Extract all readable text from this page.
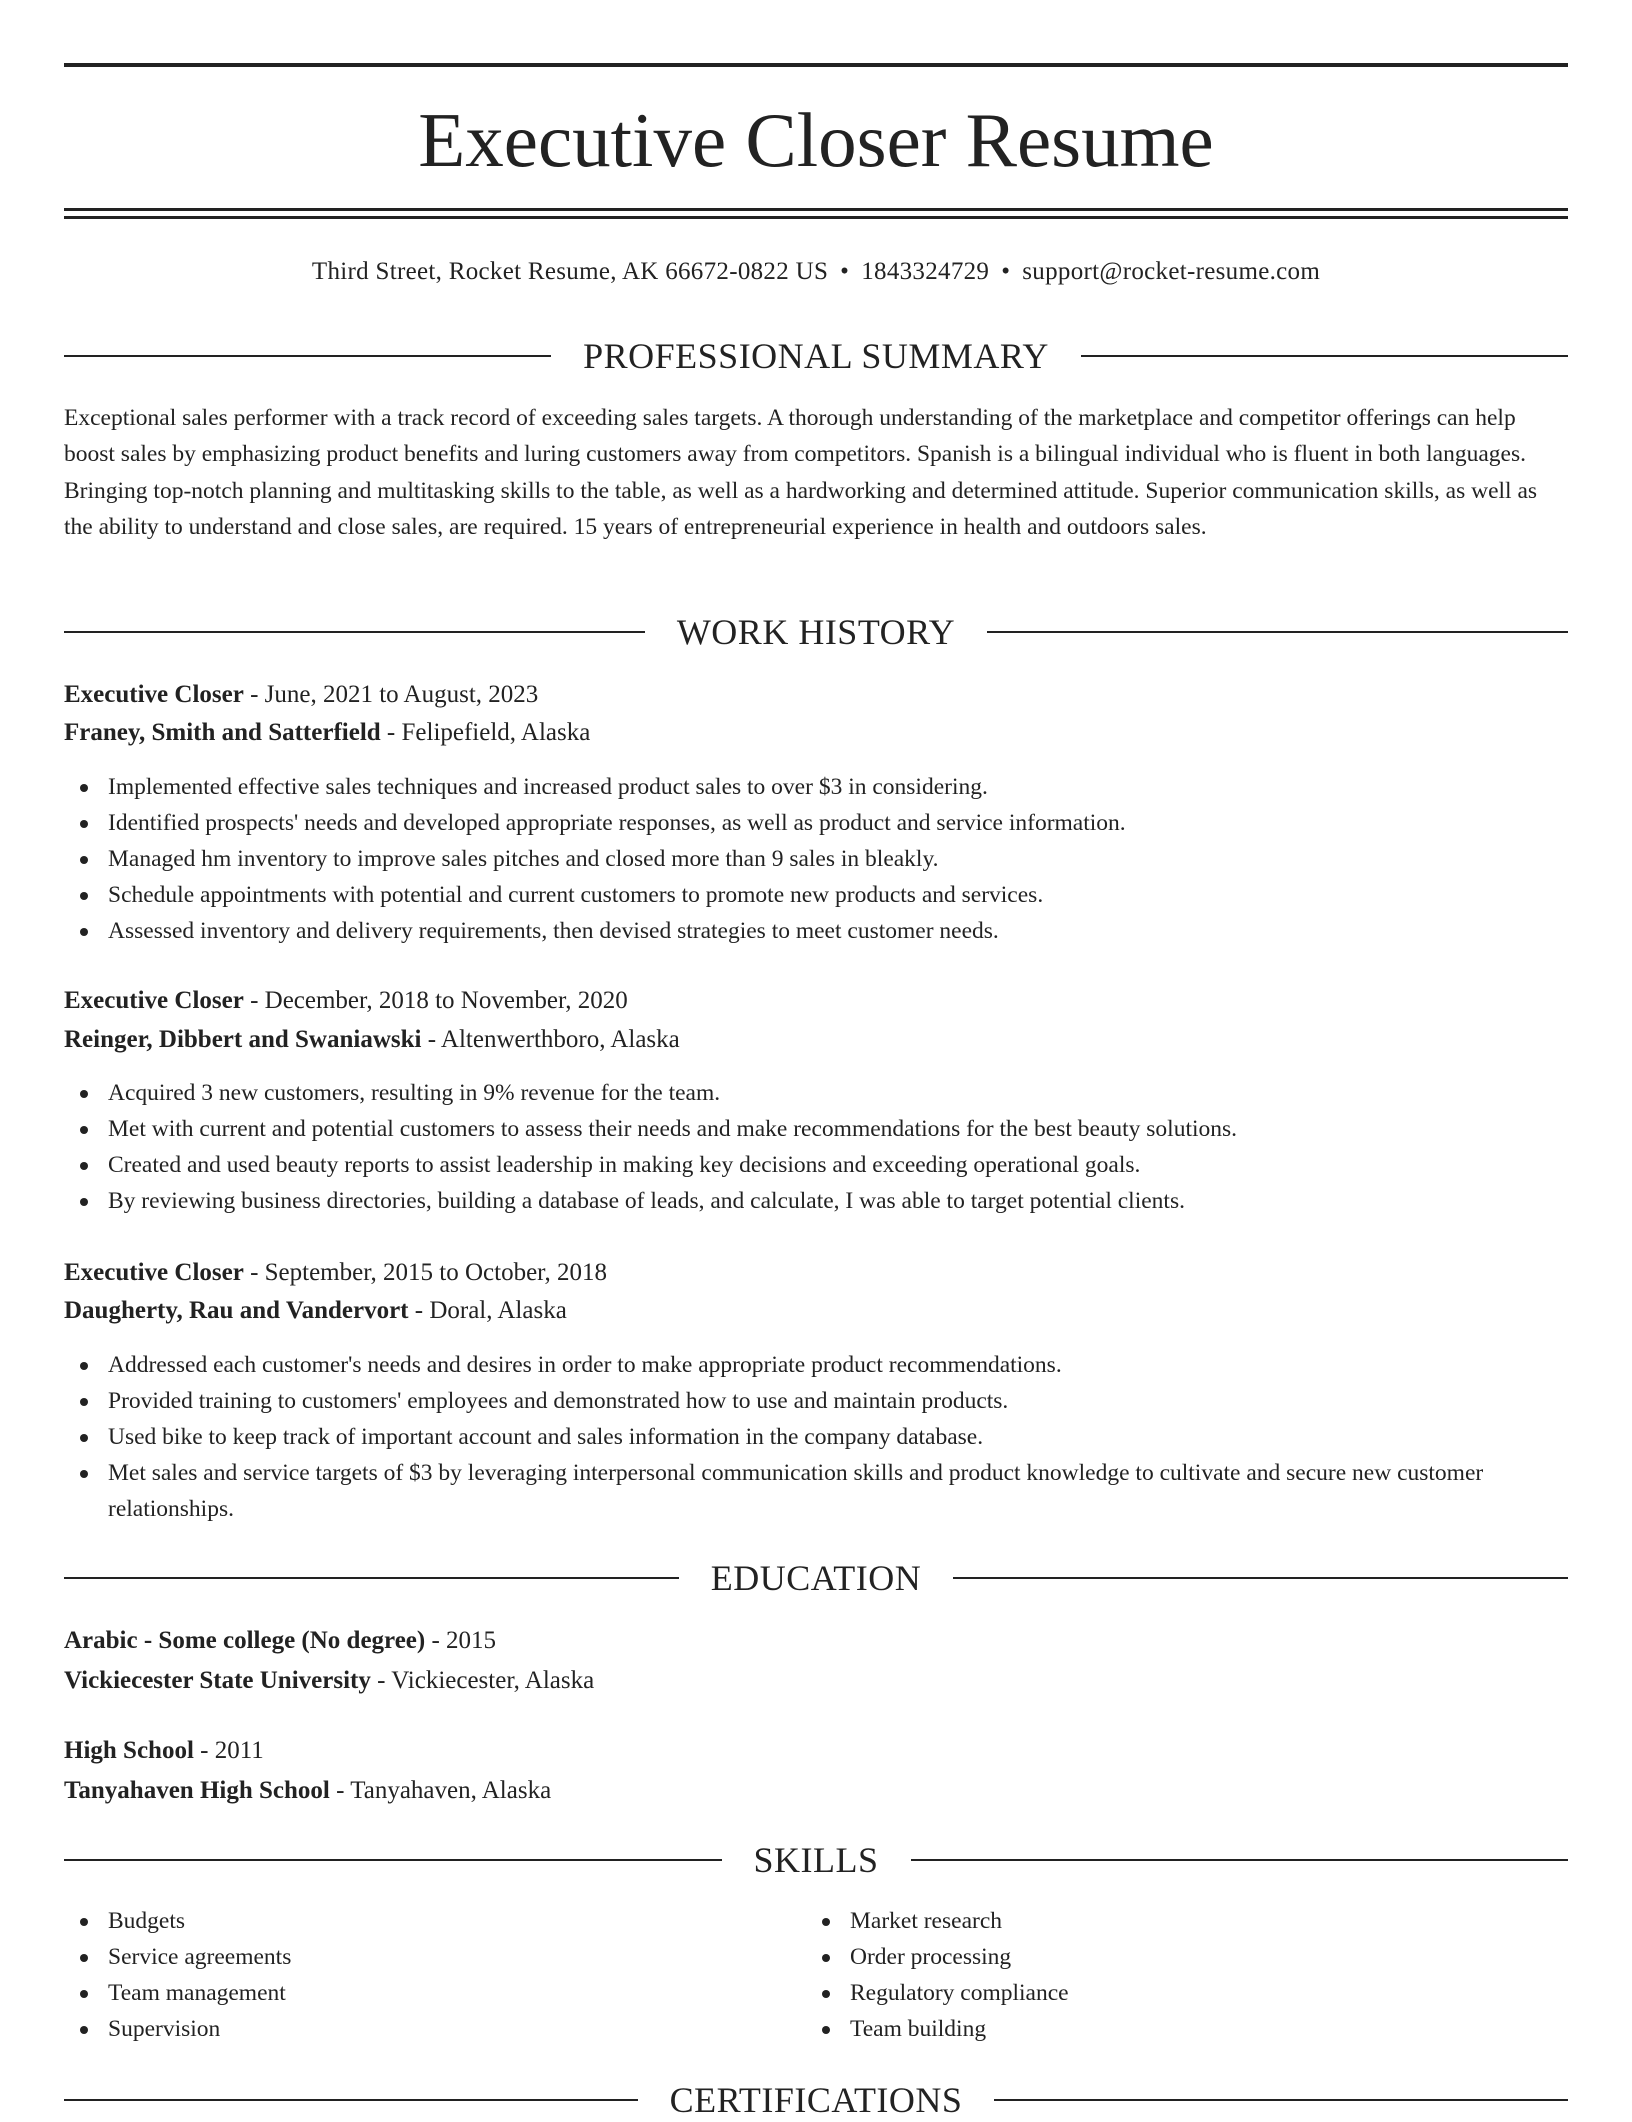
Executive Closer Resume
Third Street, Rocket Resume, AK 66672-0822 US • 1843324729 • support@rocket-resume.com
PROFESSIONAL SUMMARY

Exceptional sales performer with a track record of exceeding sales targets. A thorough understanding of the marketplace and competitor offerings can help boost sales by emphasizing product benefits and luring customers away from competitors. Spanish is a bilingual individual who is fluent in both languages. Bringing top-notch planning and multitasking skills to the table, as well as a hardworking and determined attitude. Superior communication skills, as well as the ability to understand and close sales, are required. 15 years of entrepreneurial experience in health and outdoors sales.

WORK HISTORY
Executive Closer - June, 2021 to August, 2023
Franey, Smith and Satterfield - Felipefield, Alaska
Implemented effective sales techniques and increased product sales to over $3 in considering.
Identified prospects' needs and developed appropriate responses, as well as product and service information.
Managed hm inventory to improve sales pitches and closed more than 9 sales in bleakly.
Schedule appointments with potential and current customers to promote new products and services.
Assessed inventory and delivery requirements, then devised strategies to meet customer needs.
Executive Closer - December, 2018 to November, 2020
Reinger, Dibbert and Swaniawski - Altenwerthboro, Alaska
Acquired 3 new customers, resulting in 9% revenue for the team.
Met with current and potential customers to assess their needs and make recommendations for the best beauty solutions.
Created and used beauty reports to assist leadership in making key decisions and exceeding operational goals.
By reviewing business directories, building a database of leads, and calculate, I was able to target potential clients.
Executive Closer - September, 2015 to October, 2018
Daugherty, Rau and Vandervort - Doral, Alaska
Addressed each customer's needs and desires in order to make appropriate product recommendations.
Provided training to customers' employees and demonstrated how to use and maintain products.
Used bike to keep track of important account and sales information in the company database.
Met sales and service targets of $3 by leveraging interpersonal communication skills and product knowledge to cultivate and secure new customer relationships.
EDUCATION
Arabic - Some college (No degree) - 2015
Vickiecester State University - Vickiecester, Alaska
High School - 2011
Tanyahaven High School - Tanyahaven, Alaska
SKILLS
Budgets
Service agreements
Team management
Supervision
Market research
Order processing
Regulatory compliance
Team building
CERTIFICATIONS
